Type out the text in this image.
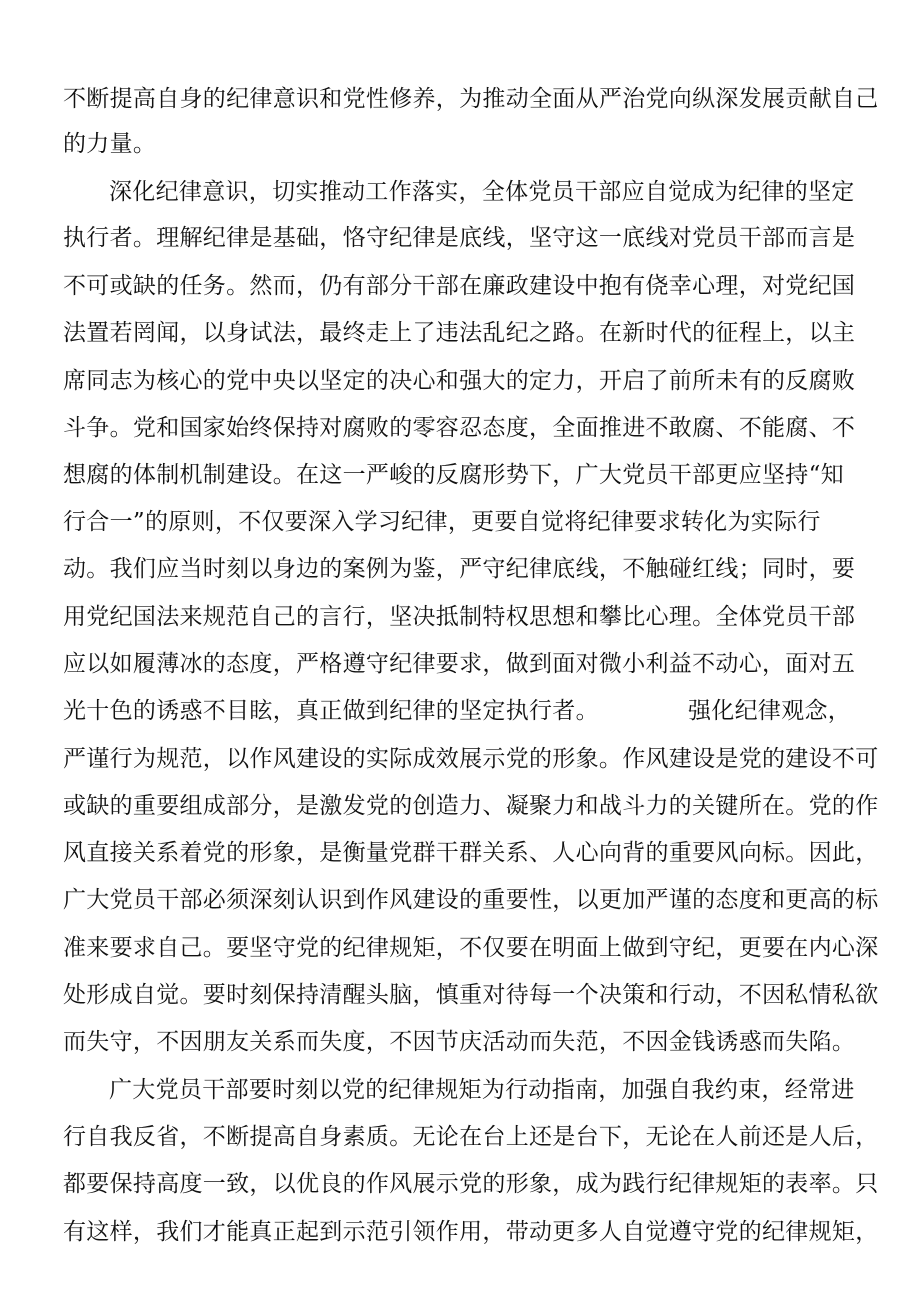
不断提高自身的纪律意识和党性修养，为推动全面从严治党向纵深发展贡献自己
的力量。
深化纪律意识，切实推动工作落实，全体党员干部应自觉成为纪律的坚定
执行者。理解纪律是基础，恪守纪律是底线，坚守这一底线对党员干部而言是
不可或缺的任务。然而，仍有部分干部在廉政建设中抱有侥幸心理，对党纪国
法置若罔闻，以身试法，最终走上了违法乱纪之路。在新时代的征程上，以主
席同志为核心的党中央以坚定的决心和强大的定力，开启了前所未有的反腐败
斗争。党和国家始终保持对腐败的零容忍态度，全面推进不敢腐、不能腐、不
想腐的体制机制建设。在这一严峻的反腐形势下，广大党员干部更应坚持“知
行合一”的原则，不仅要深入学习纪律，更要自觉将纪律要求转化为实际行
动。我们应当时刻以身边的案例为鉴，严守纪律底线，不触碰红线；同时，要
用党纪国法来规范自己的言行，坚决抵制特权思想和攀比心理。全体党员干部
应以如履薄冰的态度，严格遵守纪律要求，做到面对微小利益不动心，面对五
光十色的诱惑不目眩，真正做到纪律的坚定执行者。	强化纪律观念，
严谨行为规范，以作风建设的实际成效展示党的形象。作风建设是党的建设不可
或缺的重要组成部分，是激发党的创造力、凝聚力和战斗力的关键所在。党的作
风直接关系着党的形象，是衡量党群干群关系、人心向背的重要风向标。因此，
广大党员干部必须深刻认识到作风建设的重要性，以更加严谨的态度和更高的标
准来要求自己。要坚守党的纪律规矩，不仅要在明面上做到守纪，更要在内心深
处形成自觉。要时刻保持清醒头脑，慎重对待每一个决策和行动，不因私情私欲
而失守，不因朋友关系而失度，不因节庆活动而失范，不因金钱诱惑而失陷。
广大党员干部要时刻以党的纪律规矩为行动指南，加强自我约束，经常进
行自我反省，不断提高自身素质。无论在台上还是台下，无论在人前还是人后，
都要保持高度一致，以优良的作风展示党的形象，成为践行纪律规矩的表率。只
有这样，我们才能真正起到示范引领作用，带动更多人自觉遵守党的纪律规矩，
